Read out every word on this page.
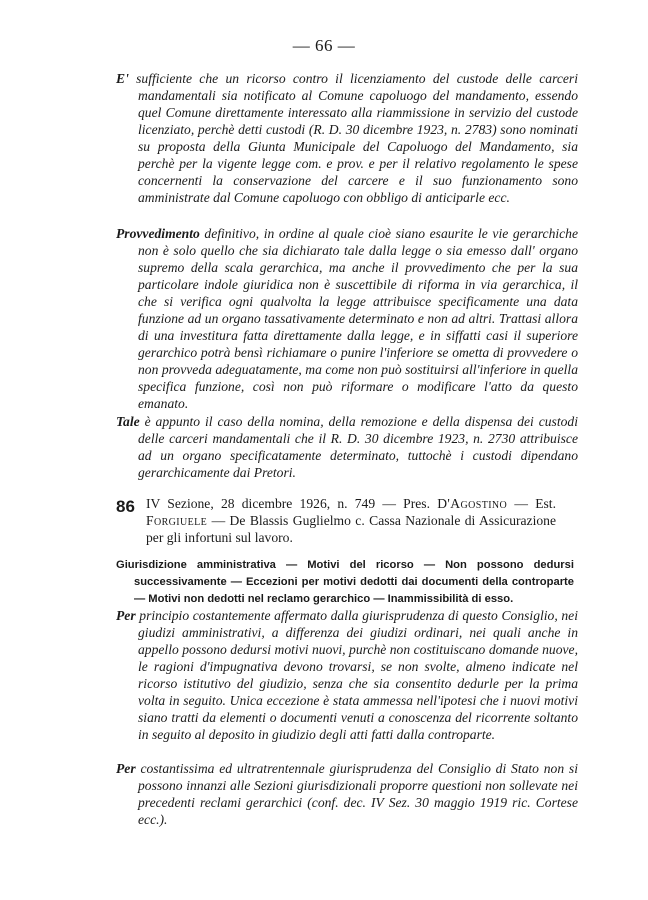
— 66 —
E' sufficiente che un ricorso contro il licenziamento del custode delle carceri mandamentali sia notificato al Comune capoluogo del mandamento, essendo quel Comune direttamente interessato alla riammissione in servizio del custode licenziato, perchè detti custodi (R. D. 30 dicembre 1923, n. 2783) sono nominati su proposta della Giunta Municipale del Capoluogo del Mandamento, sia perchè per la vigente legge com. e prov. e per il relativo regolamento le spese concernenti la conservazione del carcere e il suo funzionamento sono amministrate dal Comune capoluogo con obbligo di anticiparle ecc.
Provvedimento definitivo, in ordine al quale cioè siano esaurite le vie gerarchiche non è solo quello che sia dichiarato tale dalla legge o sia emesso dall' organo supremo della scala gerarchica, ma anche il provvedimento che per la sua particolare indole giuridica non è suscettibile di riforma in via gerarchica, il che si verifica ogni qualvolta la legge attribuisce specificamente una data funzione ad un organo tassativamente determinato e non ad altri. Trattasi allora di una investitura fatta direttamente dalla legge, e in siffatti casi il superiore gerarchico potrà bensì richiamare o punire l'inferiore se ometta di provvedere o non provveda adeguatamente, ma come non può sostituirsi all'inferiore in quella specifica funzione, così non può riformare o modificare l'atto da questo emanato.
Tale è appunto il caso della nomina, della remozione e della dispensa dei custodi delle carceri mandamentali che il R. D. 30 dicembre 1923, n. 2730 attribuisce ad un organo specificatamente determinato, tuttochè i custodi dipendano gerarchicamente dai Pretori.
86 IV Sezione, 28 dicembre 1926, n. 749 — Pres. D'Agostino — Est. Forgiuele — De Blassis Guglielmo c. Cassa Nazionale di Assicurazione per gli infortuni sul lavoro.
Giurisdizione amministrativa — Motivi del ricorso — Non possono dedursi successivamente — Eccezioni per motivi dedotti dai documenti della controparte — Motivi non dedotti nel reclamo gerarchico — Inammissibilità di esso.
Per principio costantemente affermato dalla giurisprudenza di questo Consiglio, nei giudizi amministrativi, a differenza dei giudizi ordinari, nei quali anche in appello possono dedursi motivi nuovi, purchè non costituiscano domande nuove, le ragioni d'impugnativa devono trovarsi, se non svolte, almeno indicate nel ricorso istitutivo del giudizio, senza che sia consentito dedurle per la prima volta in seguito. Unica eccezione è stata ammessa nell'ipotesi che i nuovi motivi siano tratti da elementi o documenti venuti a conoscenza del ricorrente soltanto in seguito al deposito in giudizio degli atti fatti dalla controparte.
Per costantissima ed ultratrentennale giurisprudenza del Consiglio di Stato non si possono innanzi alle Sezioni giurisdizionali proporre questioni non sollevate nei precedenti reclami gerarchici (conf. dec. IV Sez. 30 maggio 1919 ric. Cortese ecc.).
